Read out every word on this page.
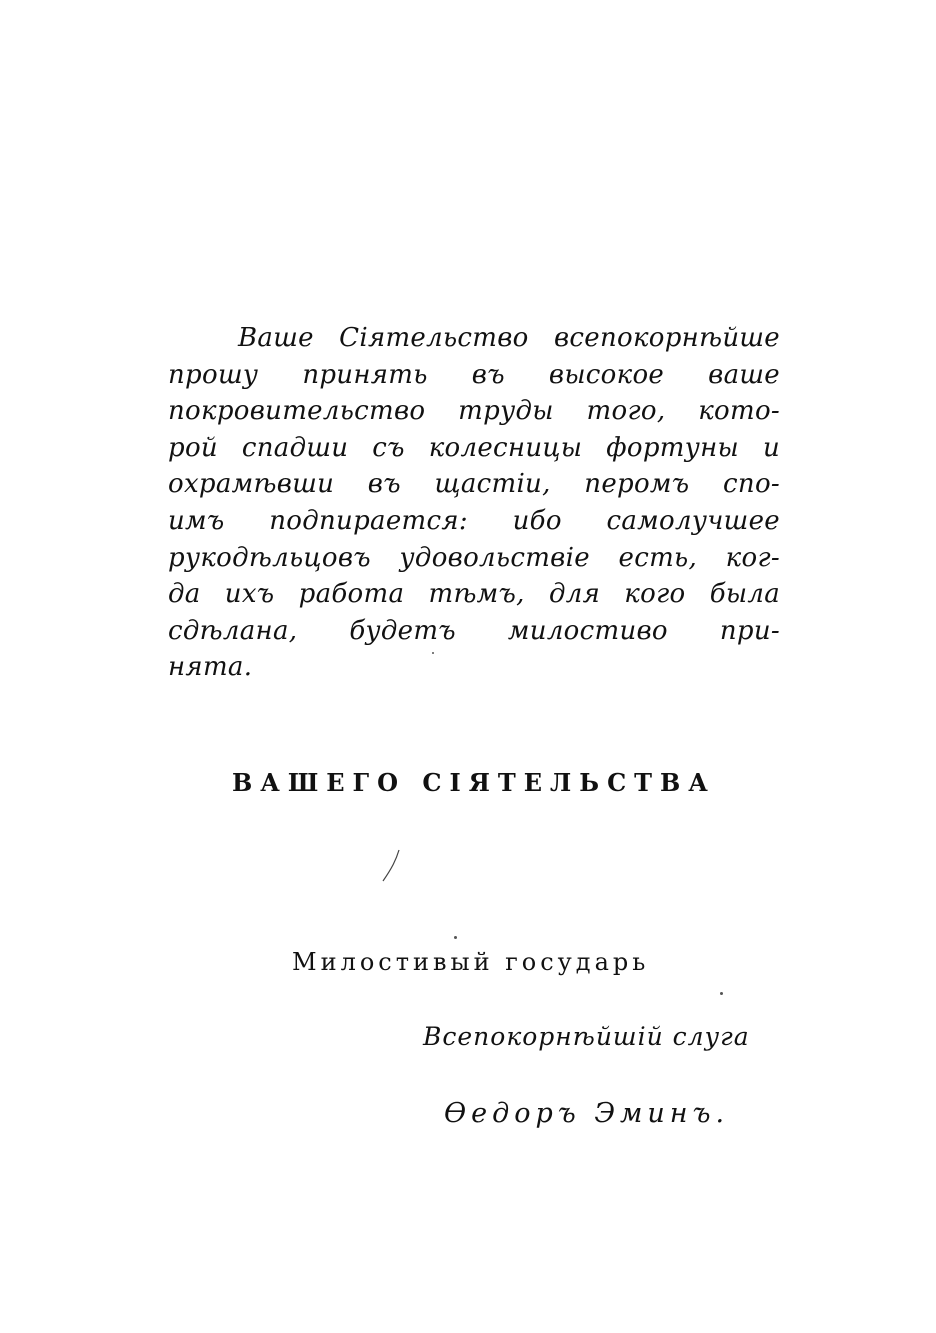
Ваше Сіятельство всепокорнѣйше
прошу принять въ высокое ваше
покровительство труды того, кото-
рой спадши съ колесницы фортуны и
охрамѣвши въ щастіи, перомъ спо-
имъ подпирается: ибо самолучшее
рукодѣльцовъ удовольствіе есть, ког-
да ихъ работа тѣмъ, для кого была
сдѣлана, будетъ милостиво при-
нята.
ВАШЕГО СІЯТЕЛЬСТВА
Милостивый государь
Всепокорнѣйшій слуга
Өедоръ Эминъ.
